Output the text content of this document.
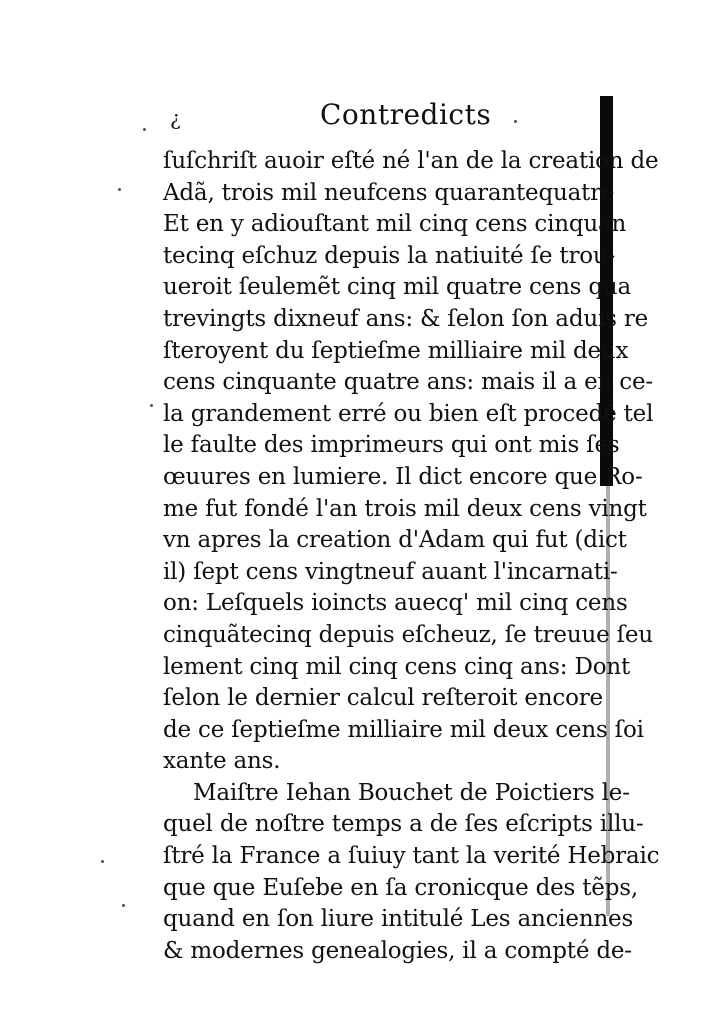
¿	Contredicts
ſuſchriſt auoir eſté né l'an de la creation de
Adã, trois mil neufcens quarantequatre
Et en y adiouſtant mil cinq cens cinquan
tecinq eſchuz depuis la natiuité ſe trou-
ueroit ſeulemẽt cinq mil quatre cens qua
trevingts dixneuf ans: & ſelon ſon aduis re
ſteroyent du ſeptieſme milliaire mil deux
cens cinquante quatre ans: mais il a en ce-
la grandement erré ou bien eſt procedé tel
le faulte des imprimeurs qui ont mis ſes
œuures en lumiere. Il dict encore que Ro-
me fut fondé l'an trois mil deux cens vingt
vn apres la creation d'Adam qui fut (dict
il) ſept cens vingtneuf auant l'incarnati-
on: Leſquels ioincts auecq' mil cinq cens
cinquãtecinq depuis eſcheuz, ſe treuue ſeu
lement cinq mil cinq cens cinq ans: Dont
ſelon le dernier calcul reſteroit encore
de ce ſeptieſme milliaire mil deux cens ſoi
xante ans.
Maiſtre Iehan Bouchet de Poictiers le-
quel de noſtre temps a de ſes eſcripts illu-
ſtré la France a ſuiuy tant la verité Hebraic
que que Euſebe en ſa cronicque des tẽps,
quand en ſon liure intitulé Les anciennes
& modernes genealogies, il a compté de-
